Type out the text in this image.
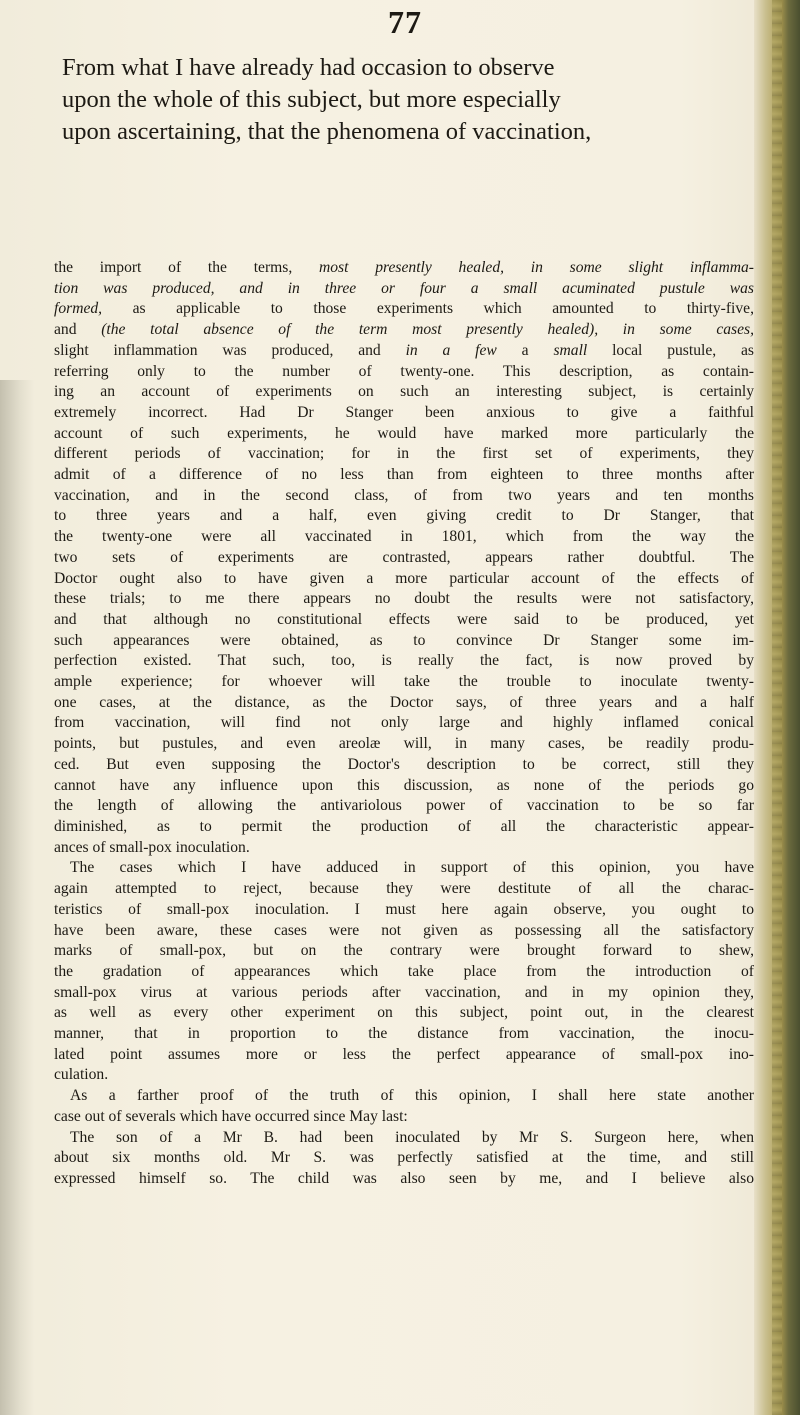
77

From what I have already had occasion to observe
upon the whole of this subject, but more especially
upon ascertaining, that the phenomena of vaccination,

the import of the terms, most presently healed, in some slight inflamma-
tion was produced, and in three or four a small acuminated pustule was
formed, as applicable to those experiments which amounted to thirty-five,
and (the total absence of the term most presently healed), in some cases,
slight inflammation was produced, and in a few a small local pustule, as
referring only to the number of twenty-one. This description, as contain-
ing an account of experiments on such an interesting subject, is certainly
extremely incorrect. Had Dr Stanger been anxious to give a faithful
account of such experiments, he would have marked more particularly the
different periods of vaccination; for in the first set of experiments, they
admit of a difference of no less than from eighteen to three months after
vaccination, and in the second class, of from two years and ten months
to three years and a half, even giving credit to Dr Stanger, that
the twenty-one were all vaccinated in 1801, which from the way the
two sets of experiments are contrasted, appears rather doubtful. The
Doctor ought also to have given a more particular account of the effects of
these trials; to me there appears no doubt the results were not satisfactory,
and that although no constitutional effects were said to be produced, yet
such appearances were obtained, as to convince Dr Stanger some im-
perfection existed. That such, too, is really the fact, is now proved by
ample experience; for whoever will take the trouble to inoculate twenty-
one cases, at the distance, as the Doctor says, of three years and a half
from vaccination, will find not only large and highly inflamed conical
points, but pustules, and even areolæ will, in many cases, be readily produ-
ced. But even supposing the Doctor's description to be correct, still they
cannot have any influence upon this discussion, as none of the periods go
the length of allowing the antivariolous power of vaccination to be so far
diminished, as to permit the production of all the characteristic appear-
ances of small-pox inoculation.
The cases which I have adduced in support of this opinion, you have
again attempted to reject, because they were destitute of all the charac-
teristics of small-pox inoculation. I must here again observe, you ought to
have been aware, these cases were not given as possessing all the satisfactory
marks of small-pox, but on the contrary were brought forward to shew,
the gradation of appearances which take place from the introduction of
small-pox virus at various periods after vaccination, and in my opinion they,
as well as every other experiment on this subject, point out, in the clearest
manner, that in proportion to the distance from vaccination, the inocu-
lated point assumes more or less the perfect appearance of small-pox ino-
culation.
As a farther proof of the truth of this opinion, I shall here state another
case out of severals which have occurred since May last:
The son of a Mr B. had been inoculated by Mr S. Surgeon here, when
about six months old. Mr S. was perfectly satisfied at the time, and still
expressed himself so. The child was also seen by me, and I believe also
